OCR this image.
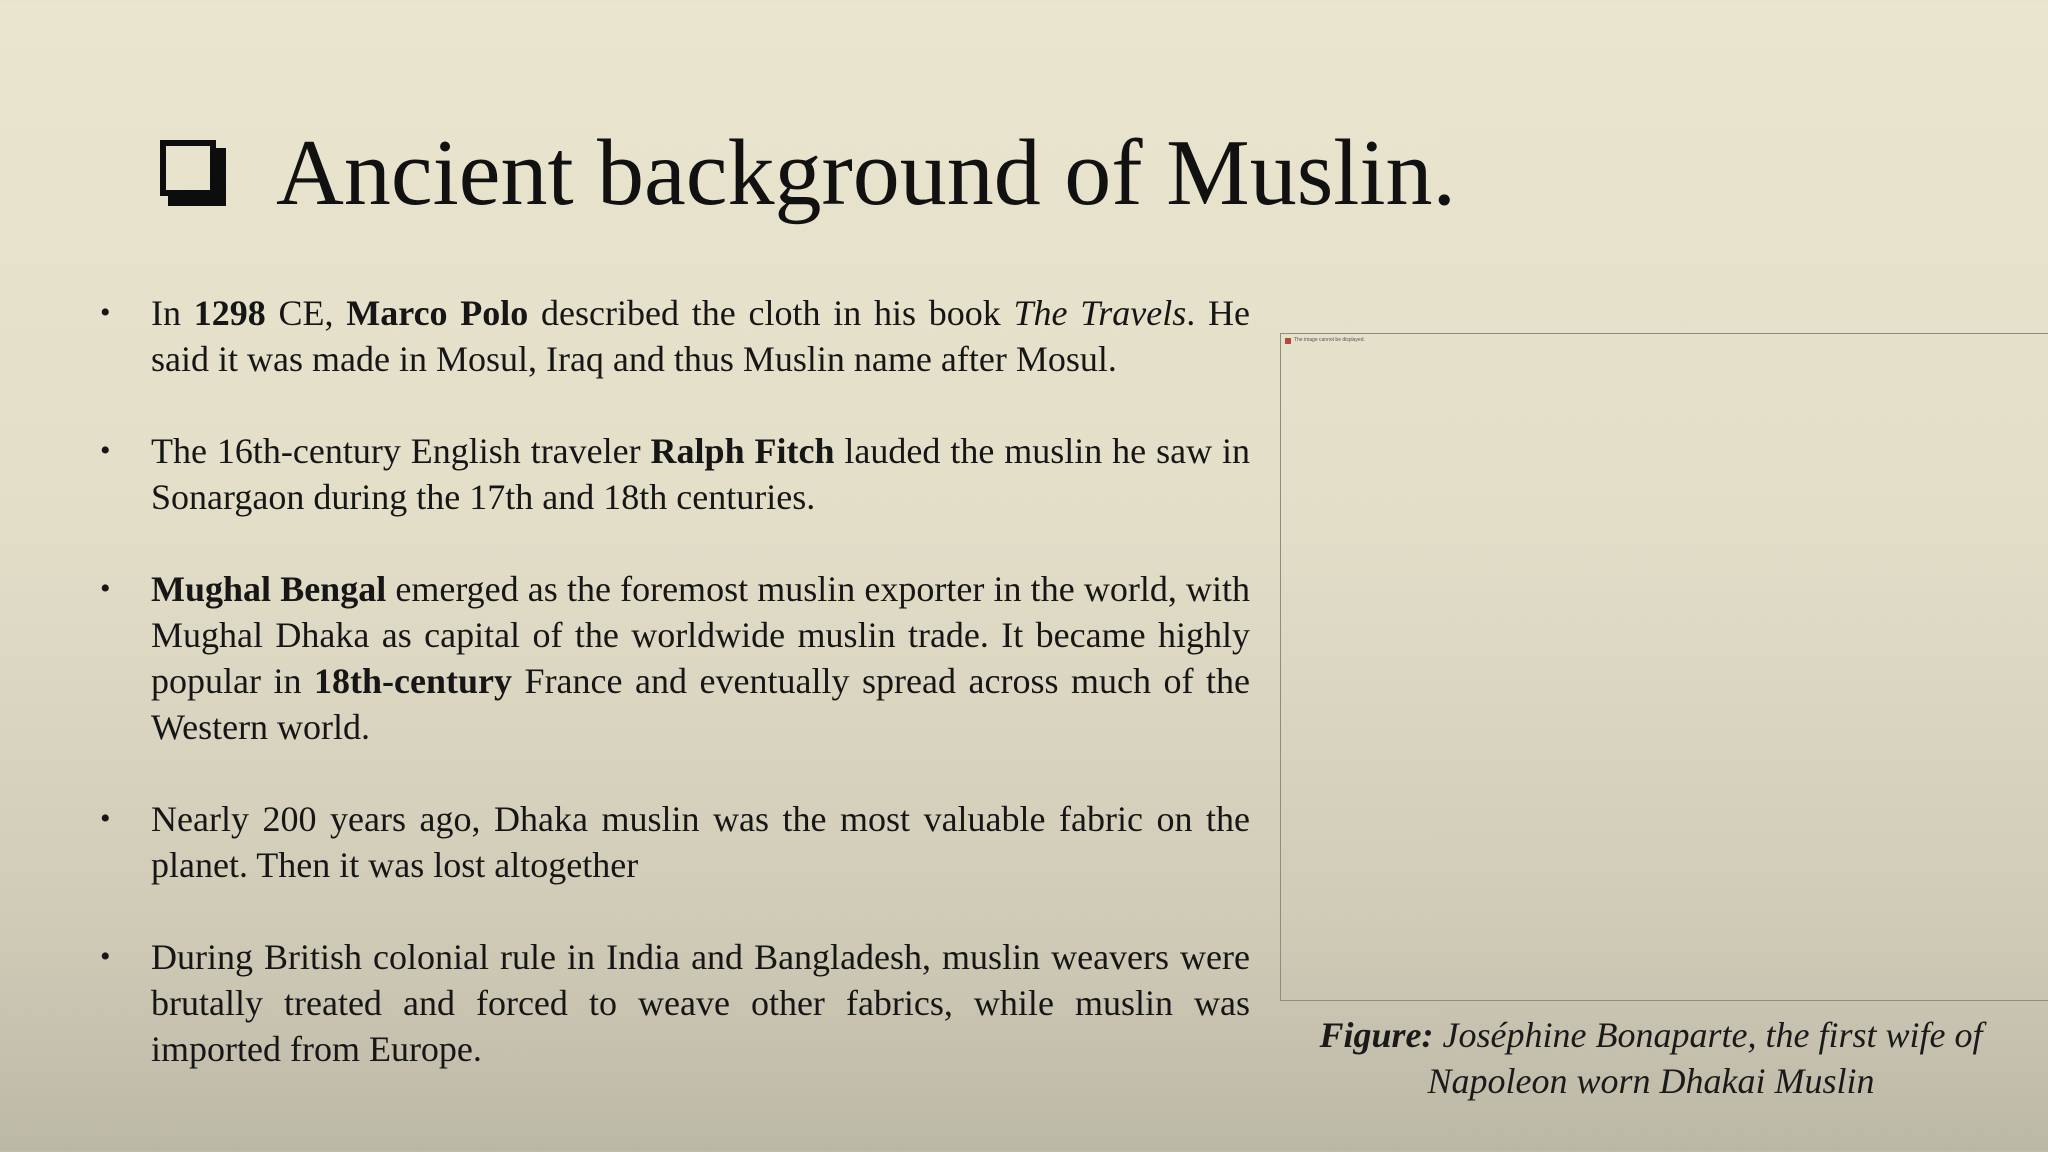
Ancient background of Muslin.
•	In 1298 CE, Marco Polo described the cloth in his book The Travels. He said it was made in Mosul, Iraq and thus Muslin name after Mosul.
•	The 16th-century English traveler Ralph Fitch lauded the muslin he saw in Sonargaon during the 17th and 18th centuries.
•	Mughal Bengal emerged as the foremost muslin exporter in the world, with Mughal Dhaka as capital of the worldwide muslin trade. It became highly popular in 18th-century France and eventually spread across much of the Western world.
•	Nearly 200 years ago, Dhaka muslin was the most valuable fabric on the planet. Then it was lost altogether
•	During British colonial rule in India and Bangladesh, muslin weavers were brutally treated and forced to weave other fabrics, while muslin was imported from Europe.
The image cannot be displayed.
Figure: Joséphine Bonaparte, the first wife of Napoleon worn Dhakai Muslin
